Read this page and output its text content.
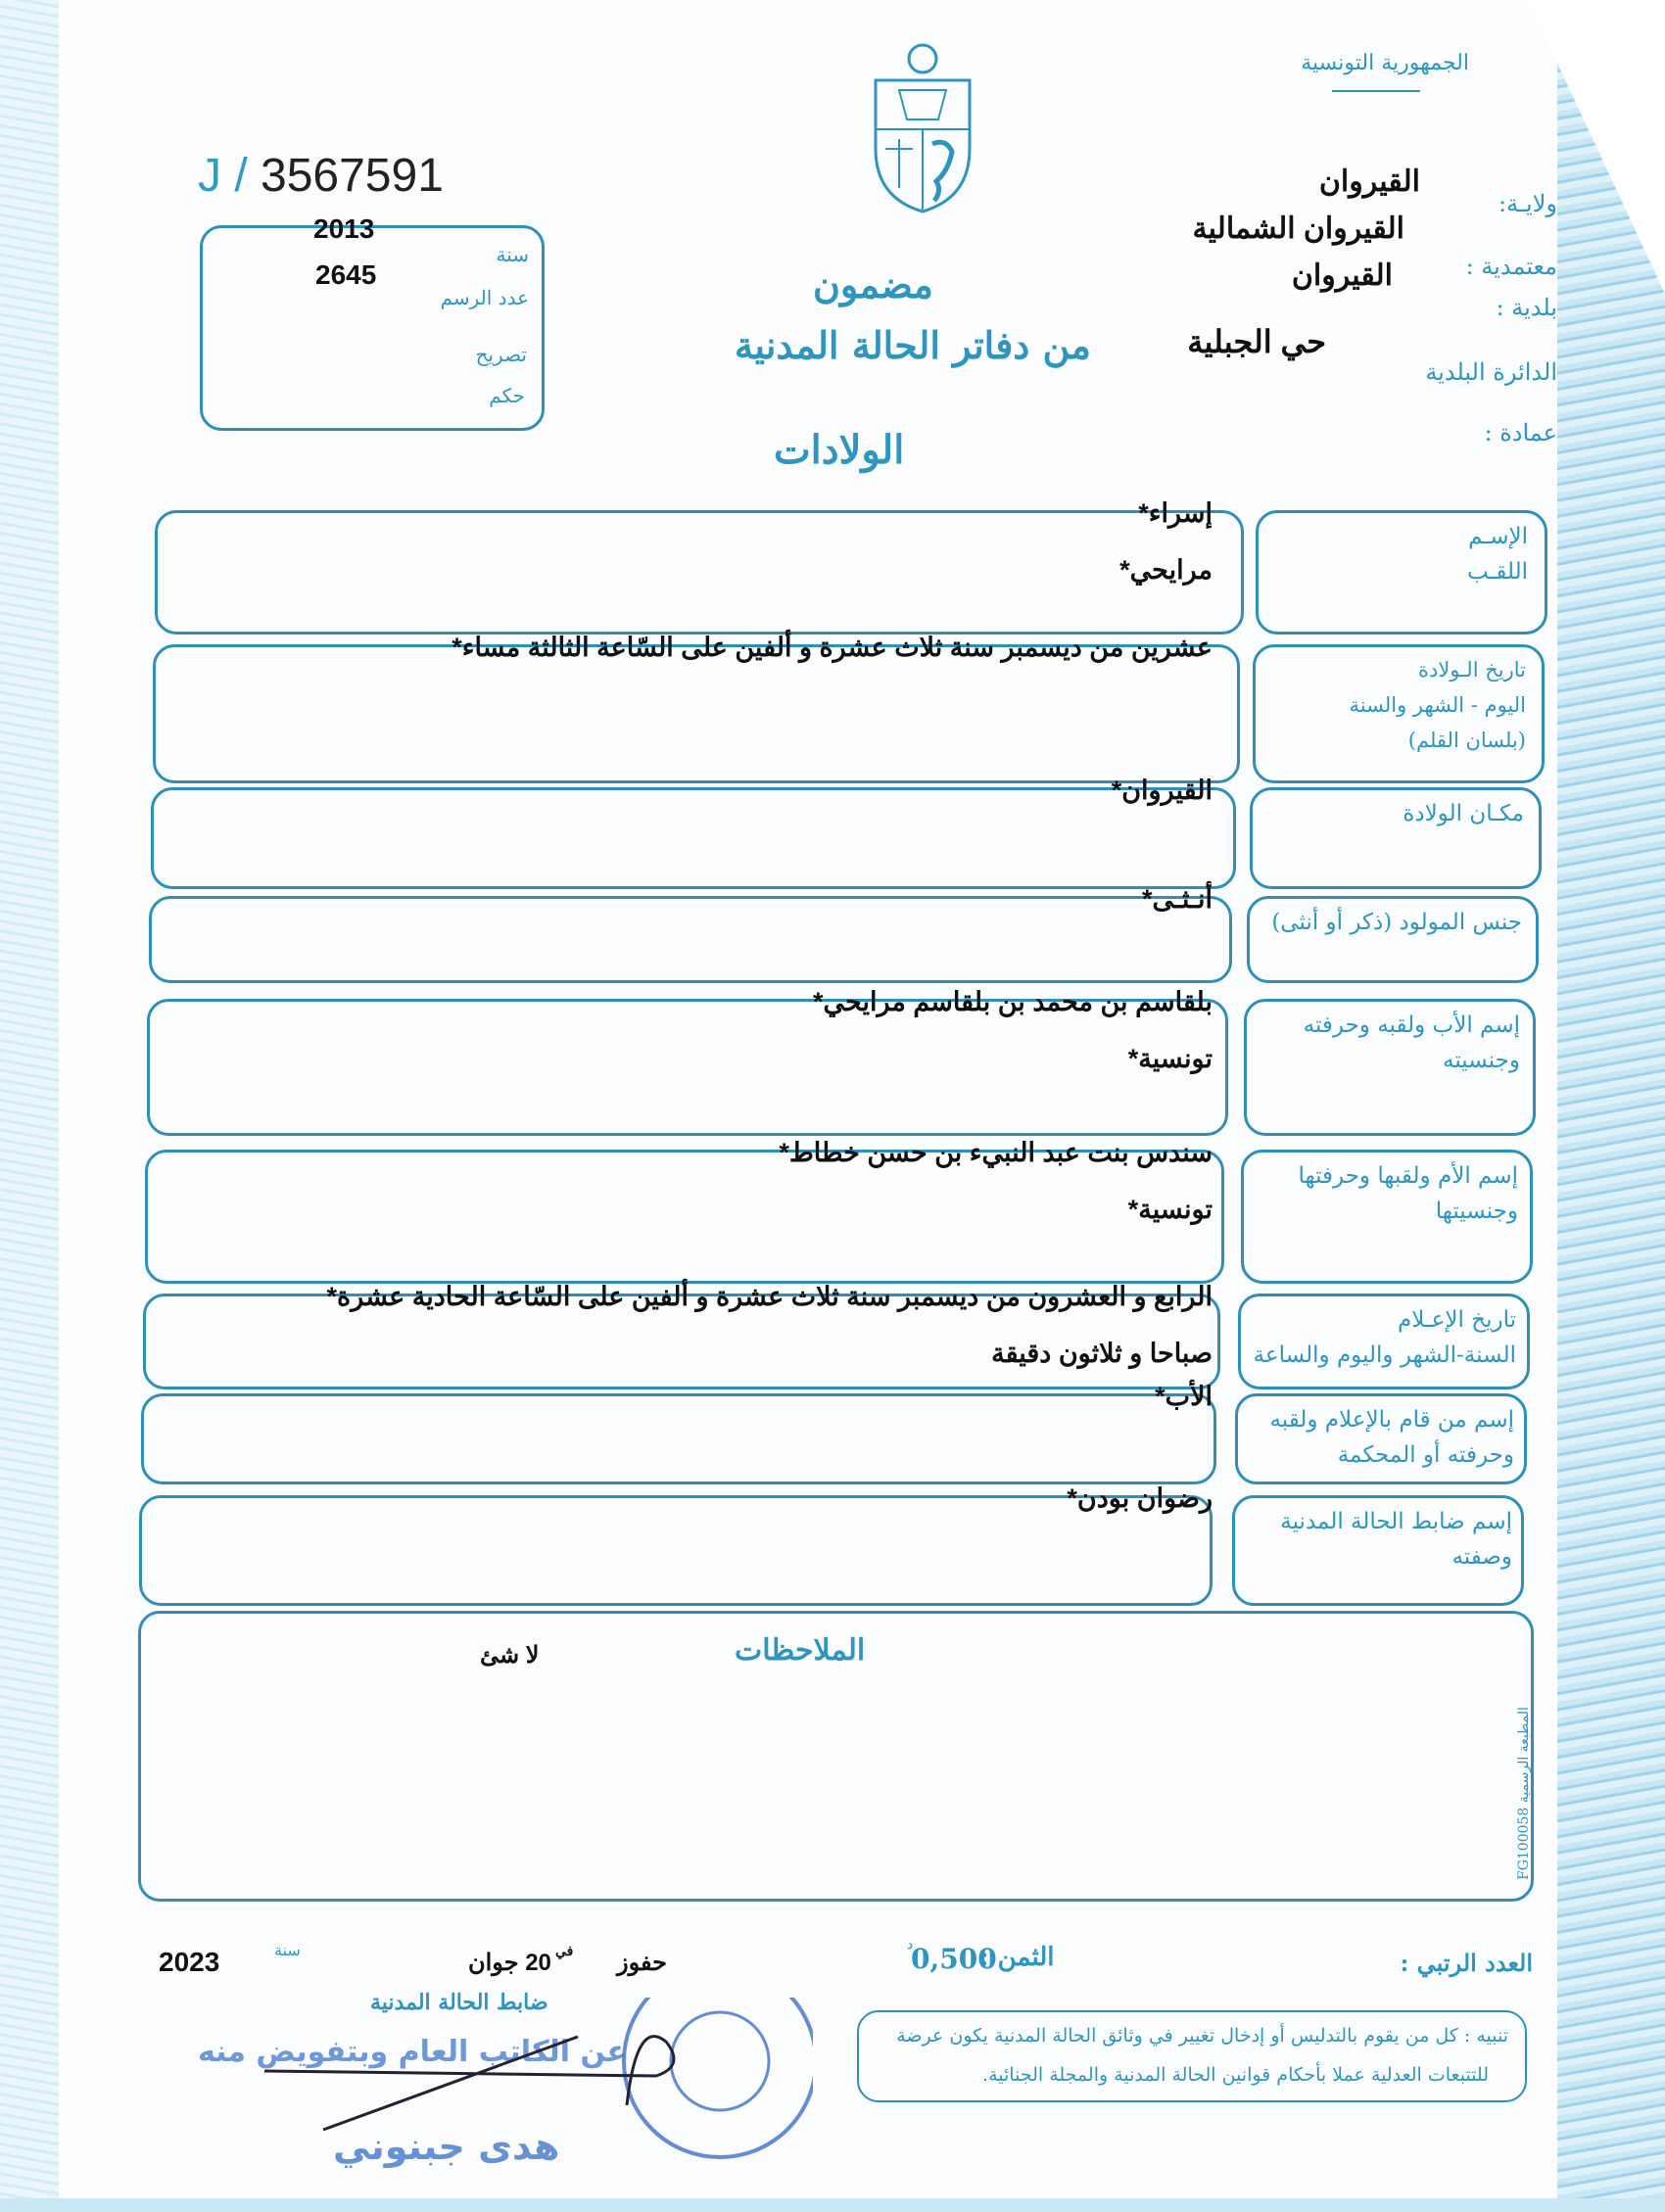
الجمهورية التونسية
J / 3567591
2013
2645
سنة
عدد الرسم
تصريح
حكم
مضمون
من دفاتر الحالة المدنية
الولادات
ولايـة:
القيروان
معتمدية :
القيروان الشمالية
بلدية :
القيروان
الدائرة البلدية
حي الجبلية
عمادة :
الإسـم
اللقـب
إسراء*
مرايحي*
تاريخ الـولادة
اليوم - الشهر والسنة
(بلسان القلم)
عشرين من ديسمبر سنة ثلاث عشرة و ألفين على السّاعة الثالثة مساء*
مكـان الولادة
القيروان*
جنس المولود (ذكر أو أنثى)
أنـثـى*
إسم الأب ولقبه وحرفته
وجنسيته
بلقاسم بن محمد بن بلقاسم مرايحي*
تونسية*
إسم الأم ولقبها وحرفتها
وجنسيتها
سندس بنت عبد النبيء بن حسن خطاط*
تونسية*
تاريخ الإعـلام
السنة-الشهر واليوم والساعة
الرابع و العشرون من ديسمبر سنة ثلاث عشرة و ألفين على السّاعة الحادية عشرة*
صباحا و ثلاثون دقيقة
إسم من قام بالإعلام ولقبه
وحرفته أو المحكمة
الأب*
إسم ضابط الحالة المدنية
وصفته
رضوان بودن*
الملاحظات
لا شئ
المطبعة الرسمية FG100058
العدد الرتبي :
الثمن :
0,500
د
حفوز
في
20 جوان
سنة
2023
ضابط الحالة المدنية
عن الكاتب العام وبتفويض منه
هدى جبنوني
تنبيه : كل من يقوم بالتدليس أو إدخال تغيير في وثائق الحالة المدنية يكون عرضة
للتتبعات العدلية عملا بأحكام قوانين الحالة المدنية والمجلة الجنائية.
